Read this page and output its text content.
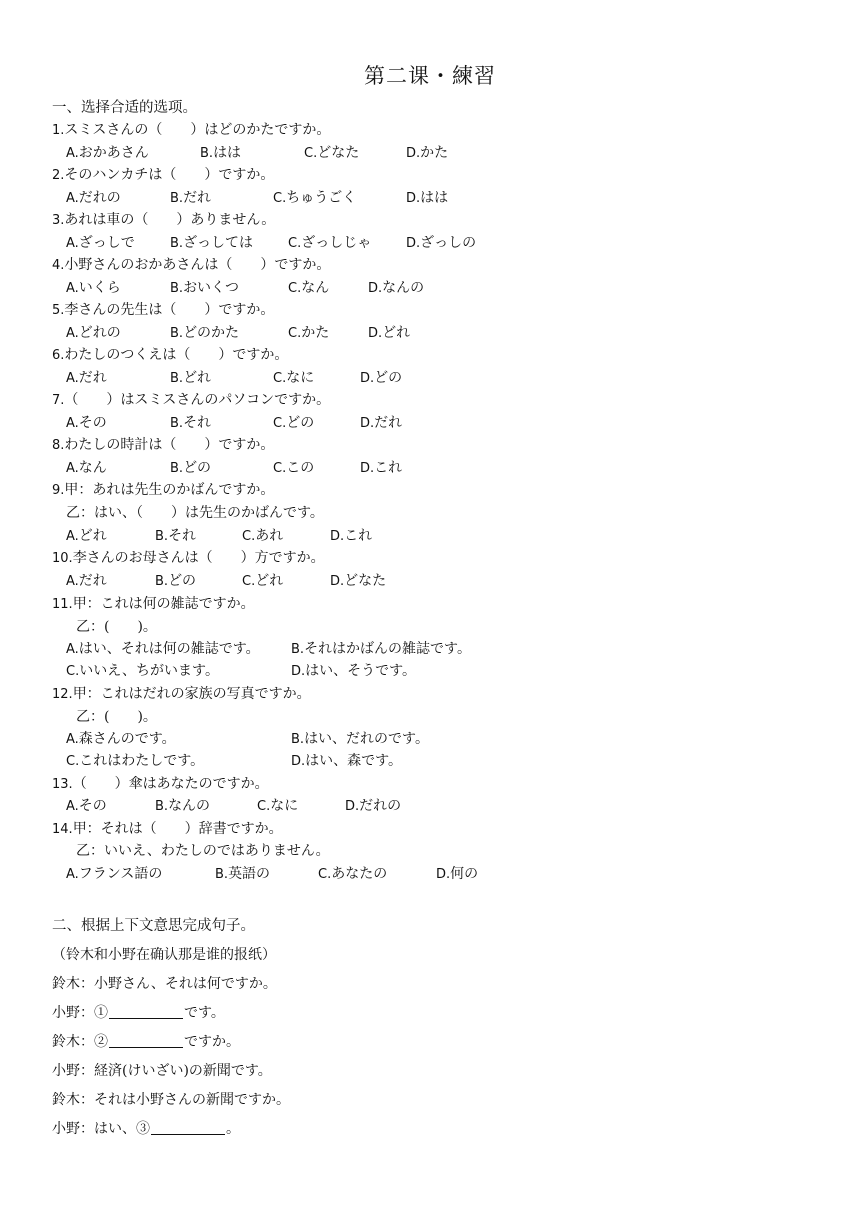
第二课・練習
一、选择合适的选项。
1.スミスさんの（　　）はどのかたですか。
A.おかあさん	B.はは	C.どなた	D.かた
2.そのハンカチは（　　）ですか。
A.だれの	B.だれ	C.ちゅうごく	D.はは
3.あれは車の（　　）ありません。
A.ざっしで	B.ざっしては	C.ざっしじゃ	D.ざっしの
4.小野さんのおかあさんは（　　）ですか。
A.いくら	B.おいくつ	C.なん	D.なんの
5.李さんの先生は（　　）ですか。
A.どれの	B.どのかた	C.かた	D.どれ
6.わたしのつくえは（　　）ですか。
A.だれ	B.どれ	C.なに	D.どの
7.（　　）はスミスさんのパソコンですか。
A.その	B.それ	C.どの	D.だれ
8.わたしの時計は（　　）ですか。
A.なん	B.どの	C.この	D.これ
9.甲：あれは先生のかばんですか。
乙：はい、（　　）は先生のかばんです。
A.どれ	B.それ	C.あれ	D.これ
10.李さんのお母さんは（　　）方ですか。
A.だれ	B.どの	C.どれ	D.どなた
11.甲：これは何の雑誌ですか。
乙：(　　)。
A.はい、それは何の雑誌です。 B.それはかばんの雑誌です。
C.いいえ、ちがいます。	D.はい、そうです。
12.甲：これはだれの家族の写真ですか。
乙：(　　)。
A.森さんのです。	B.はい、だれのです。
C.これはわたしです。	D.はい、森です。
13.（　　）傘はあなたのですか。
A.その	B.なんの	C.なに	D.だれの
14.甲：それは（　　）辞書ですか。
乙：いいえ、わたしのではありません。
A.フランス語の	B.英語の	C.あなたの	D.何の
二、根据上下文意思完成句子。
（铃木和小野在确认那是谁的报纸）
鈴木：小野さん、それは何ですか。
小野：①	です。
鈴木：②	ですか。
小野：経済(けいざい)の新聞です。
鈴木：それは小野さんの新聞ですか。
小野：はい、③	。
